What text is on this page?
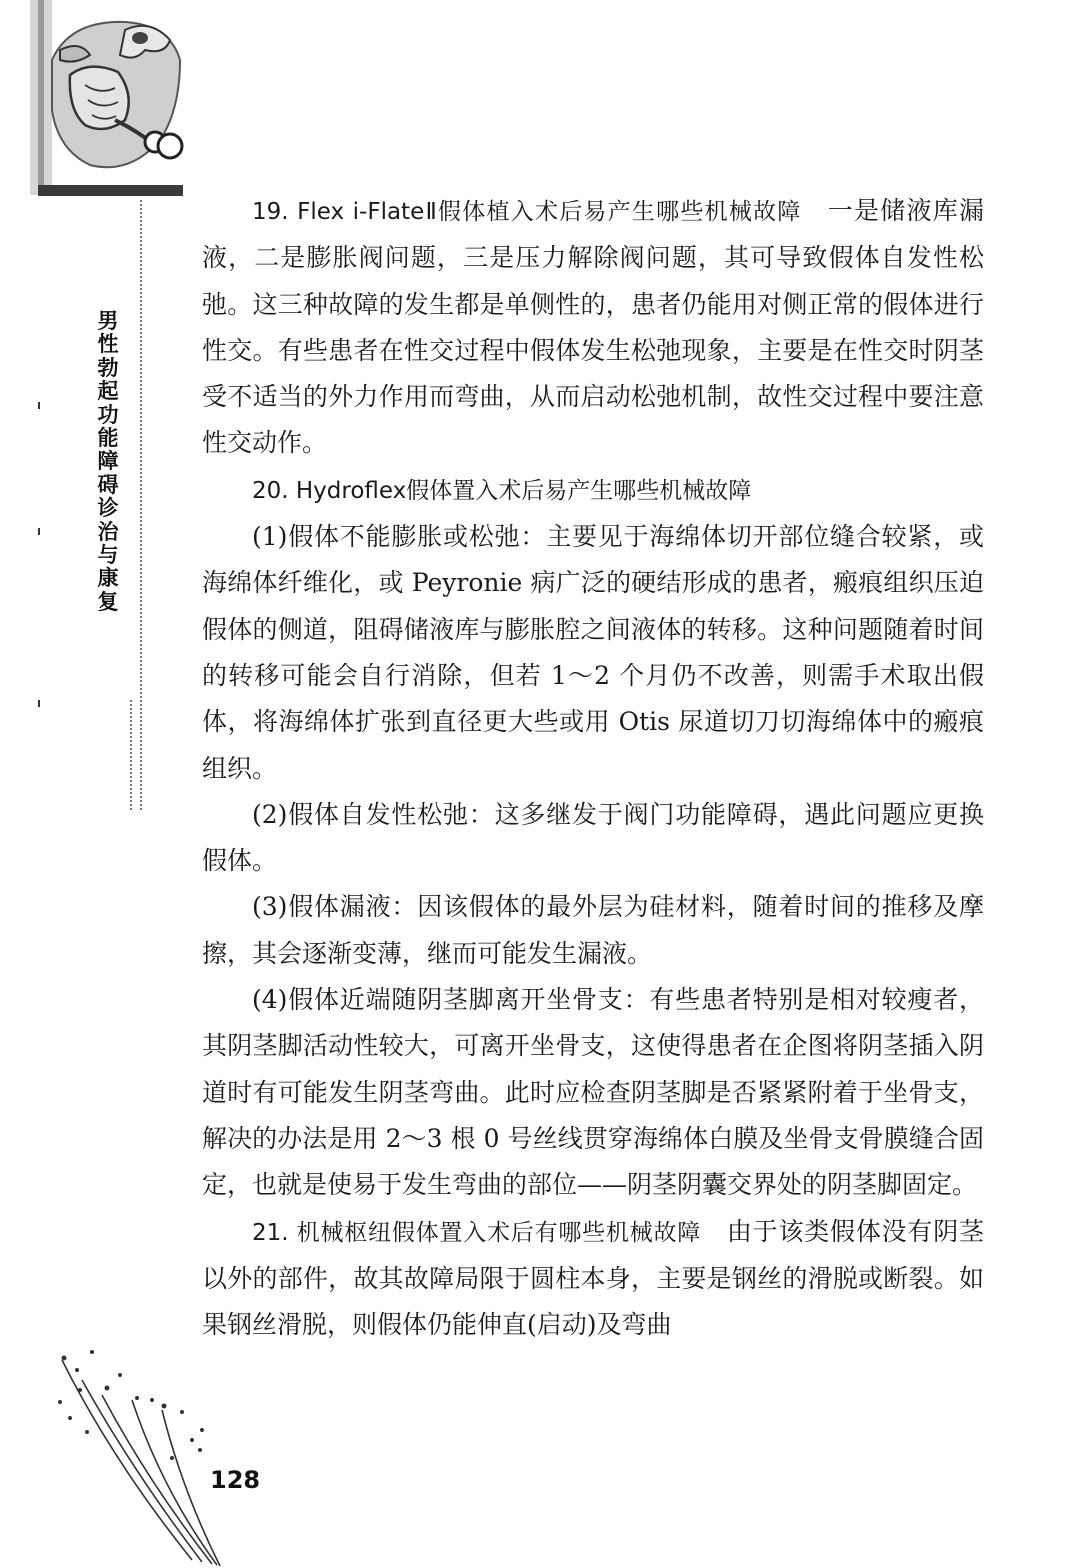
男性勃起功能障碍诊治与康复

19. Flex i-FlateⅡ假体植入术后易产生哪些机械故障　 一是储液库漏液，二是膨胀阀问题，三是压力解除阀问题，其可导致假体自发性松弛。这三种故障的发生都是单侧性的，患者仍能用对侧正常的假体进行性交。有些患者在性交过程中假体发生松弛现象，主要是在性交时阴茎受不适当的外力作用而弯曲，从而启动松弛机制，故性交过程中要注意性交动作。

20. Hydroflex假体置入术后易产生哪些机械故障

(1)假体不能膨胀或松弛：主要见于海绵体切开部位缝合较紧，或海绵体纤维化，或 Peyronie 病广泛的硬结形成的患者，瘢痕组织压迫假体的侧道，阻碍储液库与膨胀腔之间液体的转移。这种问题随着时间的转移可能会自行消除，但若 1～2 个月仍不改善，则需手术取出假体，将海绵体扩张到直径更大些或用 Otis 尿道切刀切海绵体中的瘢痕组织。

(2)假体自发性松弛：这多继发于阀门功能障碍，遇此问题应更换假体。

(3)假体漏液：因该假体的最外层为硅材料，随着时间的推移及摩擦，其会逐渐变薄，继而可能发生漏液。

(4)假体近端随阴茎脚离开坐骨支：有些患者特别是相对较瘦者，其阴茎脚活动性较大，可离开坐骨支，这使得患者在企图将阴茎插入阴道时有可能发生阴茎弯曲。此时应检查阴茎脚是否紧紧附着于坐骨支，解决的办法是用 2～3 根 0 号丝线贯穿海绵体白膜及坐骨支骨膜缝合固定，也就是使易于发生弯曲的部位——阴茎阴囊交界处的阴茎脚固定。

21. 机械枢纽假体置入术后有哪些机械故障　 由于该类假体没有阴茎以外的部件，故其故障局限于圆柱本身，主要是钢丝的滑脱或断裂。如果钢丝滑脱，则假体仍能伸直(启动)及弯曲

128
